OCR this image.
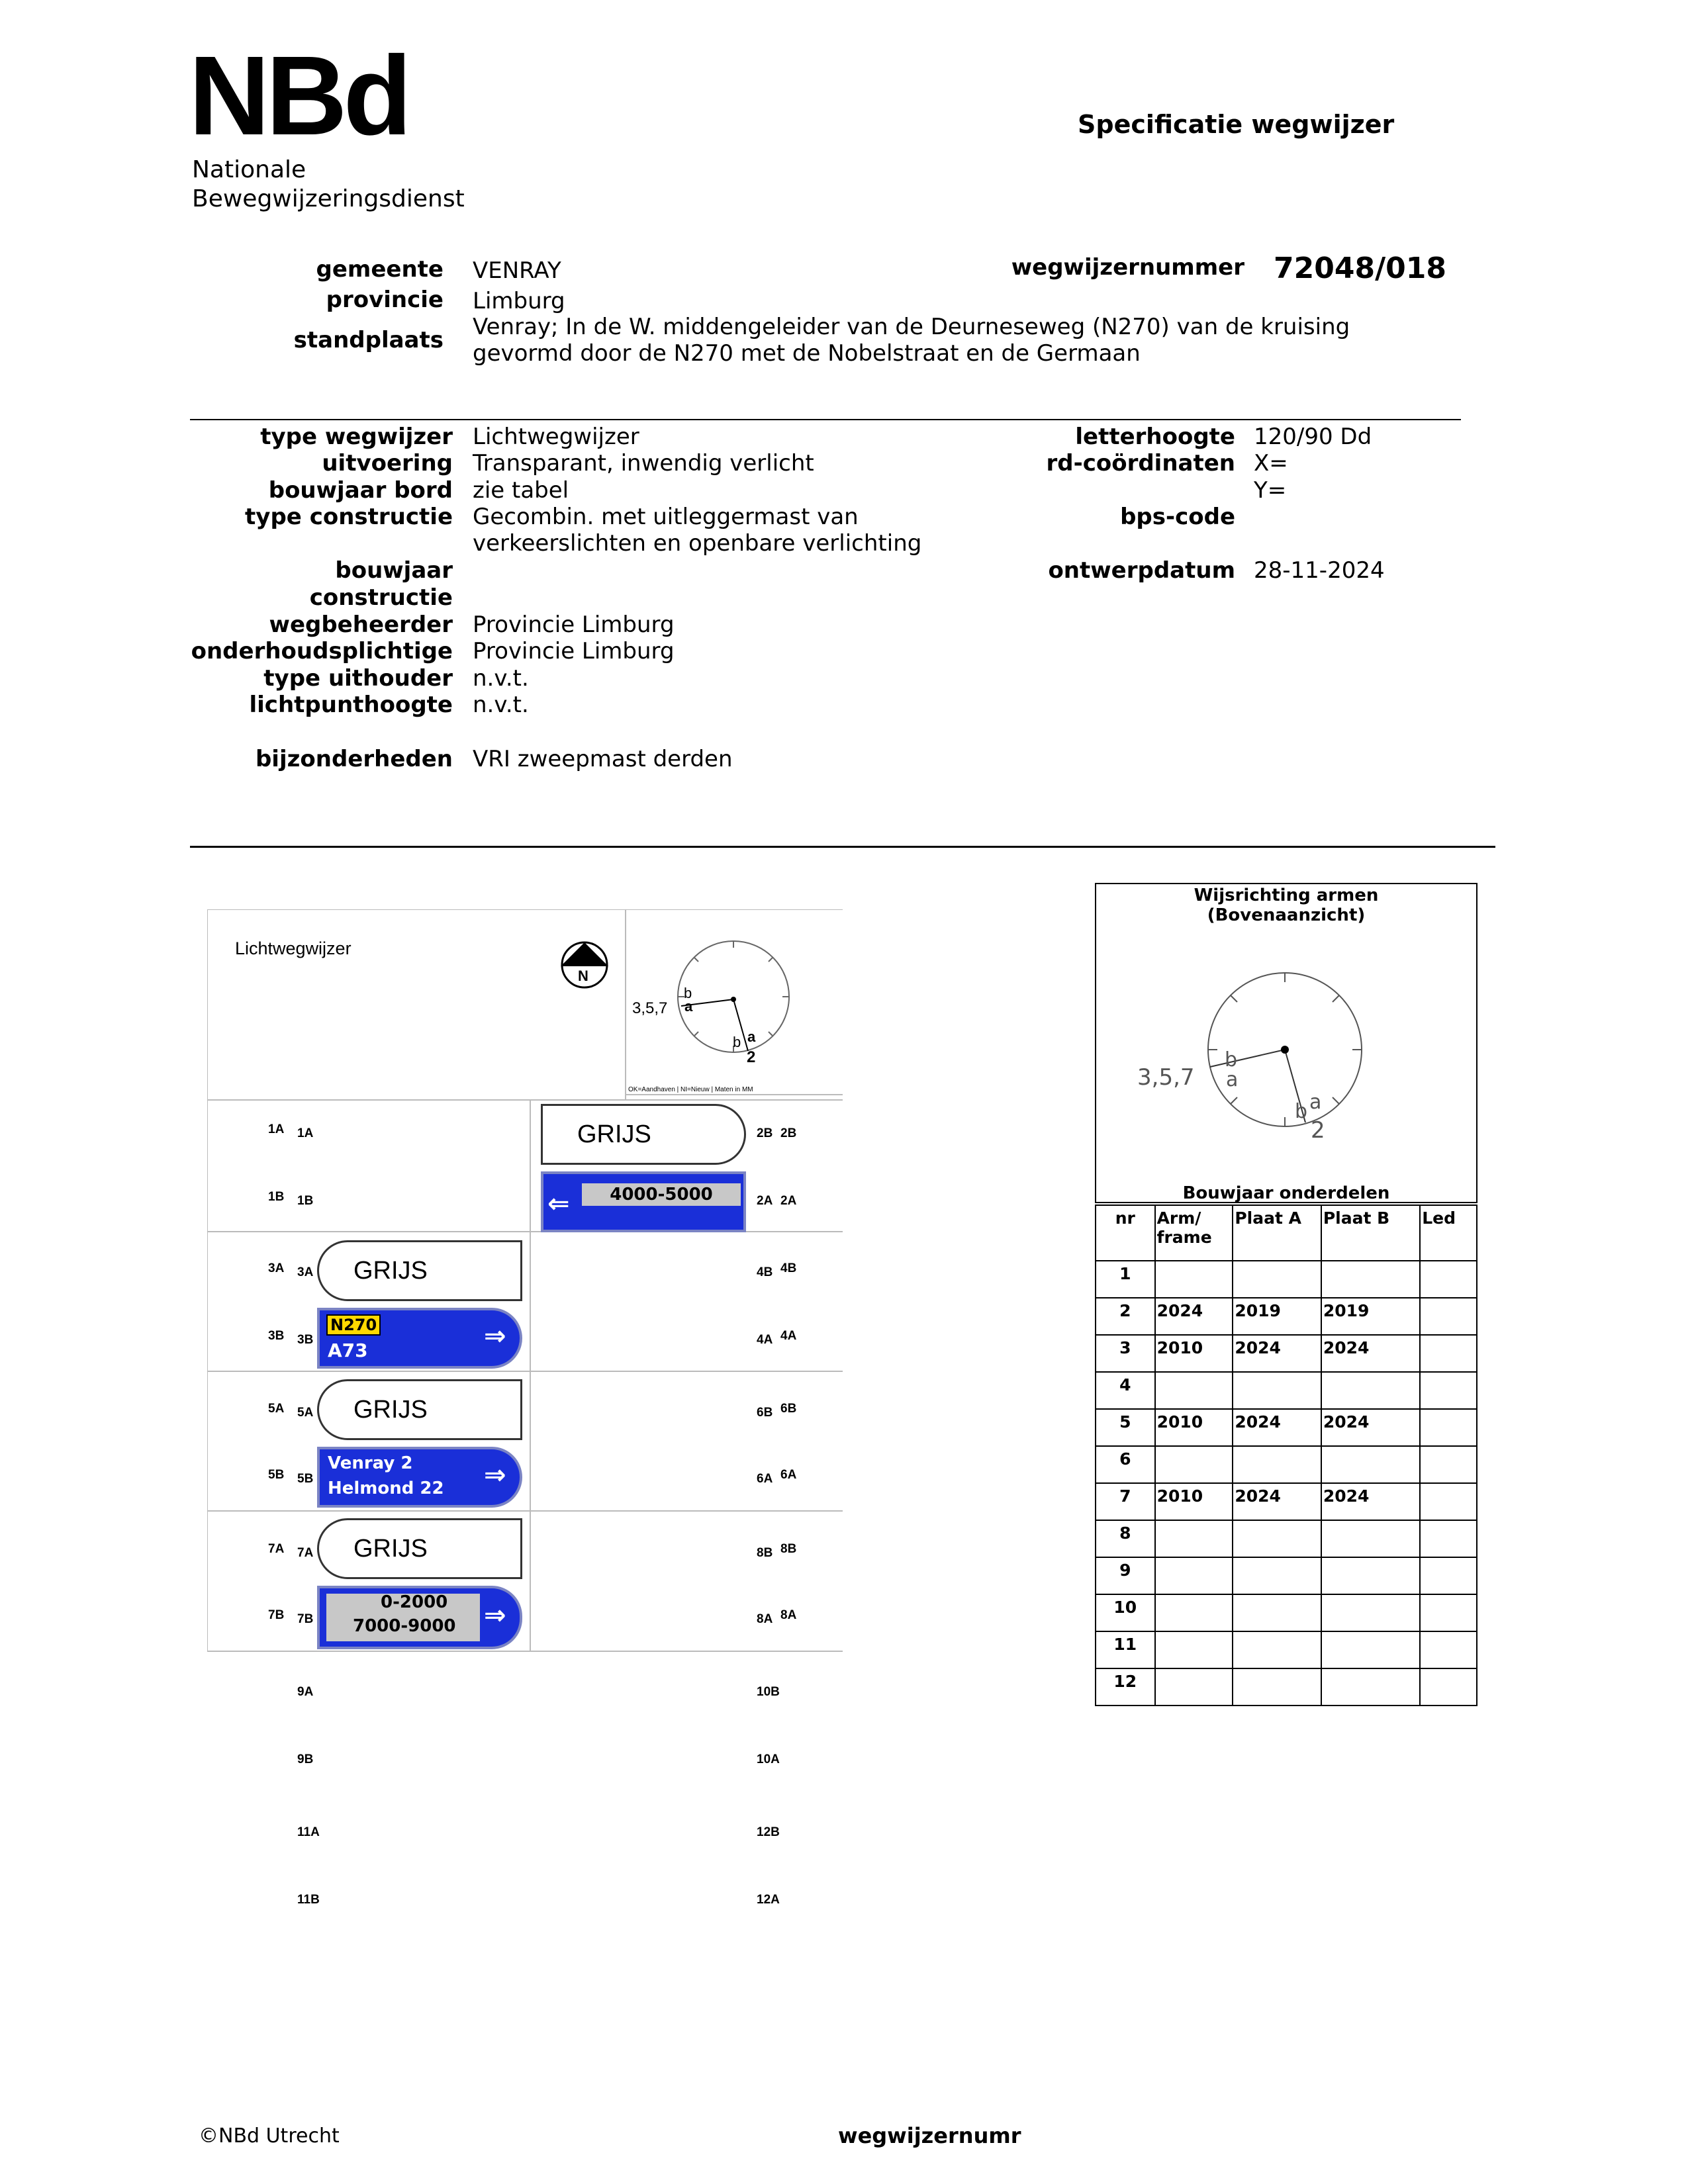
NBd
Nationale
Bewegwijzeringsdienst
Specificatie wegwijzer
gemeente VENRAY
provincie Limburg
standplaats Venray; In de W. middengeleider van de Deurneseweg (N270) van de kruising
gevormd door de N270 met de Nobelstraat en de Germaan
wegwijzernummer 72048/018
type wegwijzer Lichtwegwijzer
uitvoering Transparant, inwendig verlicht
bouwjaar bord zie tabel
type constructie Gecombin. met uitleggermast van
verkeerslichten en openbare verlichting
bouwjaar
constructie
wegbeheerder Provincie Limburg
onderhoudsplichtige Provincie Limburg
type uithouder n.v.t.
lichtpunthoogte n.v.t.
bijzonderheden VRI zweepmast derden
letterhoogte 120/90 Dd
rd-coördinaten X=
Y=
bps-code
ontwerpdatum 28-11-2024
Lichtwegwijzer
N
3,5,7
b
a
b a
2
OK=Aandhaven | NI=Nieuw | Maten in MM
1A 1A	2B 2B
1B 1B	2A 2A
3A 3A	4B 4B
3B 3B	4A 4A
5A 5A	6B 6B
5B 5B	6A 6A
7A 7A	8B 8B
7B 7B	8A 8A
GRIJS
⇐	4000-5000
GRIJS
N270
A73	⇒
GRIJS
Venray 2
Helmond 22 ⇒
GRIJS
0-2000
7000-9000 ⇒
9A	10B
9B	10A
11A	12B
11B	12A
Wijsrichting armen
(Bovenaanzicht)
3,5,7
b
a
b a
2
Bouwjaar onderdelen
nr	Arm/ frame	Plaat A	Plaat B	Led
1				
2	2024	2019	2019	
3	2010	2024	2024	
4				
5	2010	2024	2024	
6				
7	2010	2024	2024	
8				
9				
10				
11				
12				
©NBd Utrecht	wegwijzernumr
